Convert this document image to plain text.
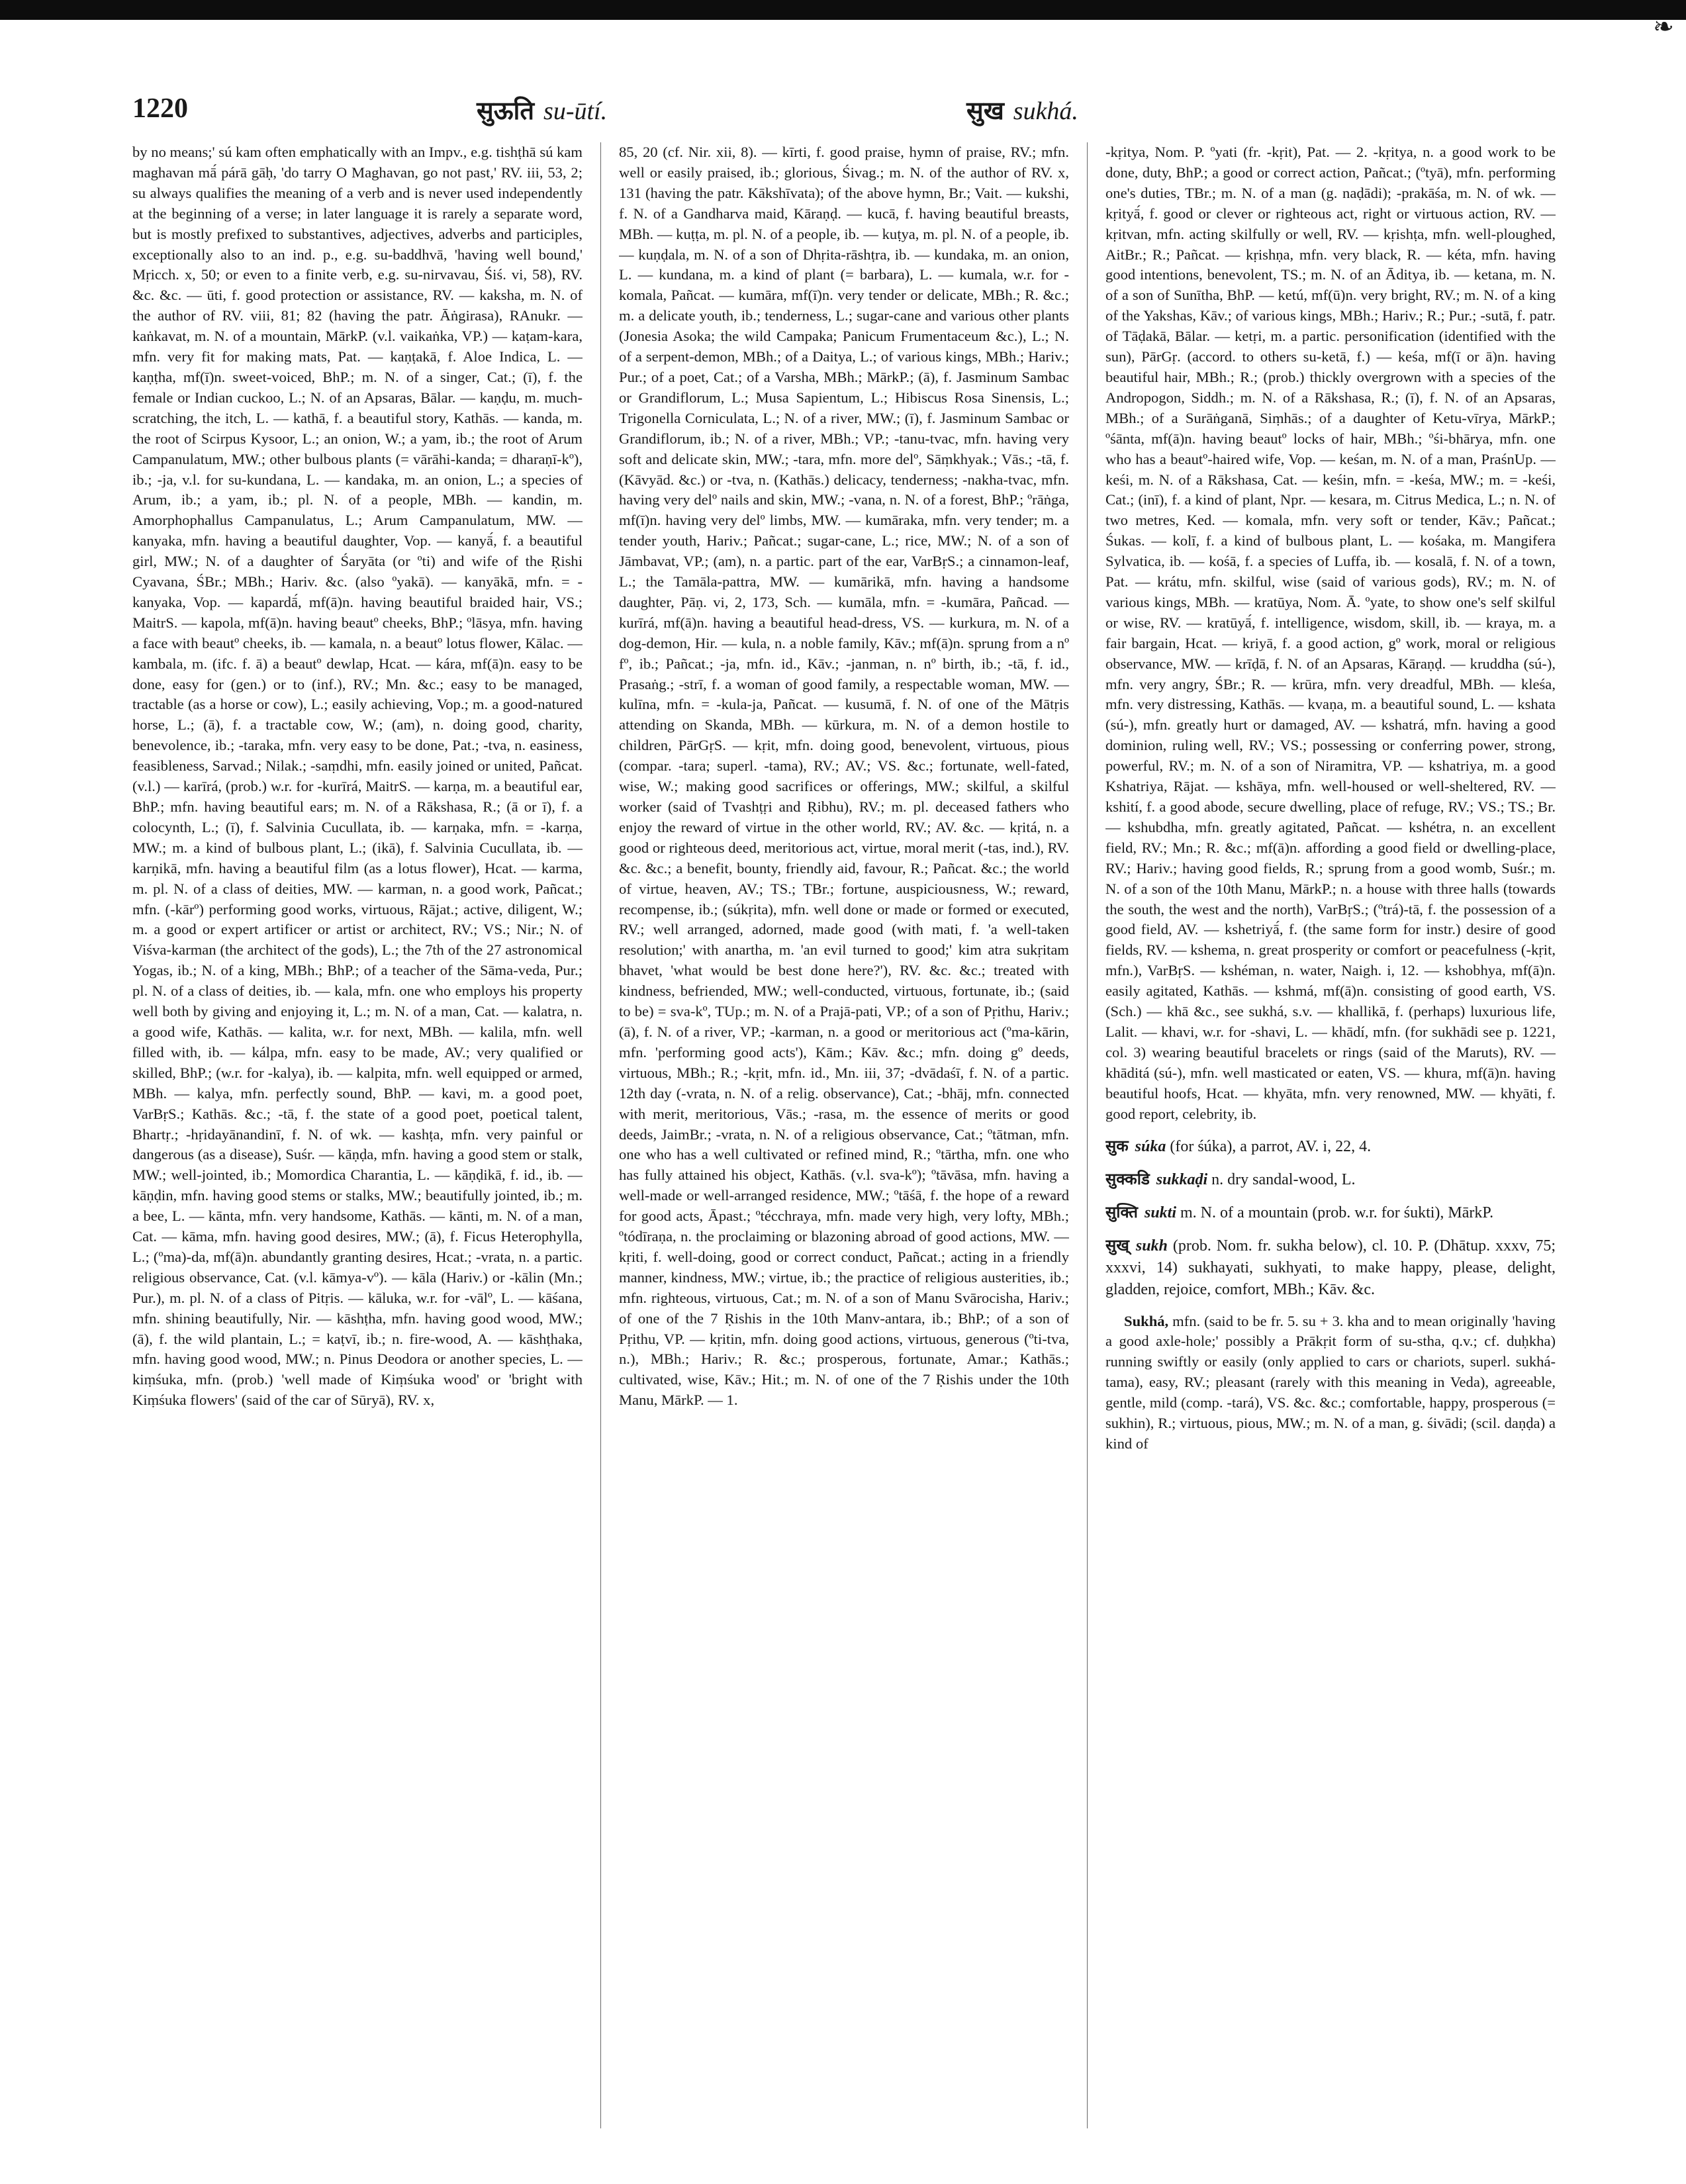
❧
1220	सुऊति su-ūtí.	सुख sukhá.

by no means;' sú kam often emphatically with an Impv., e.g. tishṭhā sú kam maghavan mā́ párā gāḥ, 'do tarry O Maghavan, go not past,' RV. iii, 53, 2; su always qualifies the meaning of a verb and is never used independently at the beginning of a verse; in later language it is rarely a separate word, but is mostly prefixed to substantives, adjectives, adverbs and participles, exceptionally also to an ind. p., e.g. su-baddhvā, 'having well bound,' Mṛicch. x, 50; or even to a finite verb, e.g. su-nirvavau, Śiś. vi, 58), RV. &c. &c. — ūti, f. good protection or assistance, RV. — kaksha, m. N. of the author of RV. viii, 81; 82 (having the patr. Āṅgirasa), RAnukr. — kaṅkavat, m. N. of a mountain, MārkP. (v.l. vaikaṅka, VP.) — kaṭam-kara, mfn. very fit for making mats, Pat. — kaṇṭakā, f. Aloe Indica, L. — kaṇṭha, mf(ī)n. sweet-voiced, BhP.; m. N. of a singer, Cat.; (ī), f. the female or Indian cuckoo, L.; N. of an Apsaras, Bālar. — kaṇḍu, m. much-scratching, the itch, L. — kathā, f. a beautiful story, Kathās. — kanda, m. the root of Scirpus Kysoor, L.; an onion, W.; a yam, ib.; the root of Arum Campanulatum, MW.; other bulbous plants (= vārāhi-kanda; = dharaṇī-kº), ib.; -ja, v.l. for su-kundana, L. — kandaka, m. an onion, L.; a species of Arum, ib.; a yam, ib.; pl. N. of a people, MBh. — kandin, m. Amorphophallus Campanulatus, L.; Arum Campanulatum, MW. — kanyaka, mfn. having a beautiful daughter, Vop. — kanyā́, f. a beautiful girl, MW.; N. of a daughter of Śaryāta (or ºti) and wife of the Ṛishi Cyavana, ŚBr.; MBh.; Hariv. &c. (also ºyakā). — kanyākā, mfn. = -kanyaka, Vop. — kapardā́, mf(ā)n. having beautiful braided hair, VS.; MaitrS. — kapola, mf(ā)n. having beautº cheeks, BhP.; ºlāsya, mfn. having a face with beautº cheeks, ib. — kamala, n. a beautº lotus flower, Kālac. — kambala, m. (ifc. f. ā) a beautº dewlap, Hcat. — kára, mf(ā)n. easy to be done, easy for (gen.) or to (inf.), RV.; Mn. &c.; easy to be managed, tractable (as a horse or cow), L.; easily achieving, Vop.; m. a good-natured horse, L.; (ā), f. a tractable cow, W.; (am), n. doing good, charity, benevolence, ib.; -taraka, mfn. very easy to be done, Pat.; -tva, n. easiness, feasibleness, Sarvad.; Nilak.; -saṃdhi, mfn. easily joined or united, Pañcat. (v.l.) — karīrá, (prob.) w.r. for -kurīrá, MaitrS. — karṇa, m. a beautiful ear, BhP.; mfn. having beautiful ears; m. N. of a Rākshasa, R.; (ā or ī), f. a colocynth, L.; (ī), f. Salvinia Cucullata, ib. — karṇaka, mfn. = -karṇa, MW.; m. a kind of bulbous plant, L.; (ikā), f. Salvinia Cucullata, ib. — karṇikā, mfn. having a beautiful film (as a lotus flower), Hcat. — karma, m. pl. N. of a class of deities, MW. — karman, n. a good work, Pañcat.; mfn. (-kārº) performing good works, virtuous, Rājat.; active, diligent, W.; m. a good or expert artificer or artist or architect, RV.; VS.; Nir.; N. of Viśva-karman (the architect of the gods), L.; the 7th of the 27 astronomical Yogas, ib.; N. of a king, MBh.; BhP.; of a teacher of the Sāma-veda, Pur.; pl. N. of a class of deities, ib. — kala, mfn. one who employs his property well both by giving and enjoying it, L.; m. N. of a man, Cat. — kalatra, n. a good wife, Kathās. — kalita, w.r. for next, MBh. — kalila, mfn. well filled with, ib. — kálpa, mfn. easy to be made, AV.; very qualified or skilled, BhP.; (w.r. for -kalya), ib. — kalpita, mfn. well equipped or armed, MBh. — kalya, mfn. perfectly sound, BhP. — kavi, m. a good poet, VarBṛS.; Kathās. &c.; -tā, f. the state of a good poet, poetical talent, Bhartṛ.; -hṛidayānandinī, f. N. of wk. — kashṭa, mfn. very painful or dangerous (as a disease), Suśr. — kāṇḍa, mfn. having a good stem or stalk, MW.; well-jointed, ib.; Momordica Charantia, L. — kāṇḍikā, f. id., ib. — kāṇḍin, mfn. having good stems or stalks, MW.; beautifully jointed, ib.; m. a bee, L. — kānta, mfn. very handsome, Kathās. — kānti, m. N. of a man, Cat. — kāma, mfn. having good desires, MW.; (ā), f. Ficus Heterophylla, L.; (ºma)-da, mf(ā)n. abundantly granting desires, Hcat.; -vrata, n. a partic. religious observance, Cat. (v.l. kāmya-vº). — kāla (Hariv.) or -kālin (Mn.; Pur.), m. pl. N. of a class of Pitṛis. — kāluka, w.r. for -vālº, L. — kāśana, mfn. shining beautifully, Nir. — kāshṭha, mfn. having good wood, MW.; (ā), f. the wild plantain, L.; = kaṭvī, ib.; n. fire-wood, A. — kāshṭhaka, mfn. having good wood, MW.; n. Pinus Deodora or another species, L. — kiṃśuka, mfn. (prob.) 'well made of Kiṃśuka wood' or 'bright with Kiṃśuka flowers' (said of the car of Sūryā), RV. x,

85, 20 (cf. Nir. xii, 8). — kīrti, f. good praise, hymn of praise, RV.; mfn. well or easily praised, ib.; glorious, Śivag.; m. N. of the author of RV. x, 131 (having the patr. Kākshīvata); of the above hymn, Br.; Vait. — kukshi, f. N. of a Gandharva maid, Kāraṇḍ. — kucā, f. having beautiful breasts, MBh. — kuṭṭa, m. pl. N. of a people, ib. — kuṭya, m. pl. N. of a people, ib. — kuṇḍala, m. N. of a son of Dhṛita-rāshṭra, ib. — kundaka, m. an onion, L. — kundana, m. a kind of plant (= barbara), L. — kumala, w.r. for -komala, Pañcat. — kumāra, mf(ī)n. very tender or delicate, MBh.; R. &c.; m. a delicate youth, ib.; tenderness, L.; sugar-cane and various other plants (Jonesia Asoka; the wild Campaka; Panicum Frumentaceum &c.), L.; N. of a serpent-demon, MBh.; of a Daitya, L.; of various kings, MBh.; Hariv.; Pur.; of a poet, Cat.; of a Varsha, MBh.; MārkP.; (ā), f. Jasminum Sambac or Grandiflorum, L.; Musa Sapientum, L.; Hibiscus Rosa Sinensis, L.; Trigonella Corniculata, L.; N. of a river, MW.; (ī), f. Jasminum Sambac or Grandiflorum, ib.; N. of a river, MBh.; VP.; -tanu-tvac, mfn. having very soft and delicate skin, MW.; -tara, mfn. more delº, Sāṃkhyak.; Vās.; -tā, f. (Kāvyād. &c.) or -tva, n. (Kathās.) delicacy, tenderness; -nakha-tvac, mfn. having very delº nails and skin, MW.; -vana, n. N. of a forest, BhP.; ºrāṅga, mf(ī)n. having very delº limbs, MW. — kumāraka, mfn. very tender; m. a tender youth, Hariv.; Pañcat.; sugar-cane, L.; rice, MW.; N. of a son of Jāmbavat, VP.; (am), n. a partic. part of the ear, VarBṛS.; a cinnamon-leaf, L.; the Tamāla-pattra, MW. — kumārikā, mfn. having a handsome daughter, Pāṇ. vi, 2, 173, Sch. — kumāla, mfn. = -kumāra, Pañcad. — kurīrá, mf(ā)n. having a beautiful head-dress, VS. — kurkura, m. N. of a dog-demon, Hir. — kula, n. a noble family, Kāv.; mf(ā)n. sprung from a nº fº, ib.; Pañcat.; -ja, mfn. id., Kāv.; -janman, n. nº birth, ib.; -tā, f. id., Prasaṅg.; -strī, f. a woman of good family, a respectable woman, MW. — kulīna, mfn. = -kula-ja, Pañcat. — kusumā, f. N. of one of the Mātṛis attending on Skanda, MBh. — kūrkura, m. N. of a demon hostile to children, PārGṛS. — kṛit, mfn. doing good, benevolent, virtuous, pious (compar. -tara; superl. -tama), RV.; AV.; VS. &c.; fortunate, well-fated, wise, W.; making good sacrifices or offerings, MW.; skilful, a skilful worker (said of Tvashṭṛi and Ṛibhu), RV.; m. pl. deceased fathers who enjoy the reward of virtue in the other world, RV.; AV. &c. — kṛitá, n. a good or righteous deed, meritorious act, virtue, moral merit (-tas, ind.), RV. &c. &c.; a benefit, bounty, friendly aid, favour, R.; Pañcat. &c.; the world of virtue, heaven, AV.; TS.; TBr.; fortune, auspiciousness, W.; reward, recompense, ib.; (súkṛita), mfn. well done or made or formed or executed, RV.; well arranged, adorned, made good (with mati, f. 'a well-taken resolution;' with anartha, m. 'an evil turned to good;' kim atra sukṛitam bhavet, 'what would be best done here?'), RV. &c. &c.; treated with kindness, befriended, MW.; well-conducted, virtuous, fortunate, ib.; (said to be) = sva-kº, TUp.; m. N. of a Prajā-pati, VP.; of a son of Pṛithu, Hariv.; (ā), f. N. of a river, VP.; -karman, n. a good or meritorious act (ºma-kārin, mfn. 'performing good acts'), Kām.; Kāv. &c.; mfn. doing gº deeds, virtuous, MBh.; R.; -kṛit, mfn. id., Mn. iii, 37; -dvādaśī, f. N. of a partic. 12th day (-vrata, n. N. of a relig. observance), Cat.; -bhāj, mfn. connected with merit, meritorious, Vās.; -rasa, m. the essence of merits or good deeds, JaimBr.; -vrata, n. N. of a religious observance, Cat.; ºtātman, mfn. one who has a well cultivated or refined mind, R.; ºtārtha, mfn. one who has fully attained his object, Kathās. (v.l. sva-kº); ºtāvāsa, mfn. having a well-made or well-arranged residence, MW.; ºtāśā, f. the hope of a reward for good acts, Āpast.; ºtécchraya, mfn. made very high, very lofty, MBh.; ºtódīraṇa, n. the proclaiming or blazoning abroad of good actions, MW. — kṛiti, f. well-doing, good or correct conduct, Pañcat.; acting in a friendly manner, kindness, MW.; virtue, ib.; the practice of religious austerities, ib.; mfn. righteous, virtuous, Cat.; m. N. of a son of Manu Svārocisha, Hariv.; of one of the 7 Ṛishis in the 10th Manv-antara, ib.; BhP.; of a son of Pṛithu, VP. — kṛitin, mfn. doing good actions, virtuous, generous (ºti-tva, n.), MBh.; Hariv.; R. &c.; prosperous, fortunate, Amar.; Kathās.; cultivated, wise, Kāv.; Hit.; m. N. of one of the 7 Ṛishis under the 10th Manu, MārkP. — 1.

-kṛitya, Nom. P. ºyati (fr. -kṛit), Pat. — 2. -kṛitya, n. a good work to be done, duty, BhP.; a good or correct action, Pañcat.; (ºtyā), mfn. performing one's duties, TBr.; m. N. of a man (g. naḍādi); -prakāśa, m. N. of wk. — kṛityā́, f. good or clever or righteous act, right or virtuous action, RV. — kṛitvan, mfn. acting skilfully or well, RV. — kṛishṭa, mfn. well-ploughed, AitBr.; R.; Pañcat. — kṛishṇa, mfn. very black, R. — kéta, mfn. having good intentions, benevolent, TS.; m. N. of an Āditya, ib. — ketana, m. N. of a son of Sunītha, BhP. — ketú, mf(ū)n. very bright, RV.; m. N. of a king of the Yakshas, Kāv.; of various kings, MBh.; Hariv.; R.; Pur.; -sutā, f. patr. of Tāḍakā, Bālar. — ketṛi, m. a partic. personification (identified with the sun), PārGṛ. (accord. to others su-ketā, f.) — keśa, mf(ī or ā)n. having beautiful hair, MBh.; R.; (prob.) thickly overgrown with a species of the Andropogon, Siddh.; m. N. of a Rākshasa, R.; (ī), f. N. of an Apsaras, MBh.; of a Surāṅganā, Siṃhās.; of a daughter of Ketu-vīrya, MārkP.; ºśānta, mf(ā)n. having beautº locks of hair, MBh.; ºśi-bhārya, mfn. one who has a beautº-haired wife, Vop. — keśan, m. N. of a man, PraśnUp. — keśi, m. N. of a Rākshasa, Cat. — keśin, mfn. = -keśa, MW.; m. = -keśi, Cat.; (inī), f. a kind of plant, Npr. — kesara, m. Citrus Medica, L.; n. N. of two metres, Ked. — komala, mfn. very soft or tender, Kāv.; Pañcat.; Śukas. — kolī, f. a kind of bulbous plant, L. — kośaka, m. Mangifera Sylvatica, ib. — kośā, f. a species of Luffa, ib. — kosalā, f. N. of a town, Pat. — krátu, mfn. skilful, wise (said of various gods), RV.; m. N. of various kings, MBh. — kratūya, Nom. Ā. ºyate, to show one's self skilful or wise, RV. — kratūyā́, f. intelligence, wisdom, skill, ib. — kraya, m. a fair bargain, Hcat. — kriyā, f. a good action, gº work, moral or religious observance, MW. — krīḍā, f. N. of an Apsaras, Kāraṇḍ. — kruddha (sú-), mfn. very angry, ŚBr.; R. — krūra, mfn. very dreadful, MBh. — kleśa, mfn. very distressing, Kathās. — kvaṇa, m. a beautiful sound, L. — kshata (sú-), mfn. greatly hurt or damaged, AV. — kshatrá, mfn. having a good dominion, ruling well, RV.; VS.; possessing or conferring power, strong, powerful, RV.; m. N. of a son of Niramitra, VP. — kshatriya, m. a good Kshatriya, Rājat. — kshāya, mfn. well-housed or well-sheltered, RV. — kshití, f. a good abode, secure dwelling, place of refuge, RV.; VS.; TS.; Br. — kshubdha, mfn. greatly agitated, Pañcat. — kshétra, n. an excellent field, RV.; Mn.; R. &c.; mf(ā)n. affording a good field or dwelling-place, RV.; Hariv.; having good fields, R.; sprung from a good womb, Suśr.; m. N. of a son of the 10th Manu, MārkP.; n. a house with three halls (towards the south, the west and the north), VarBṛS.; (ºtrá)-tā, f. the possession of a good field, AV. — kshetriyā́, f. (the same form for instr.) desire of good fields, RV. — kshema, n. great prosperity or comfort or peacefulness (-kṛit, mfn.), VarBṛS. — kshéman, n. water, Naigh. i, 12. — kshobhya, mf(ā)n. easily agitated, Kathās. — kshmá, mf(ā)n. consisting of good earth, VS. (Sch.) — khā &c., see sukhá, s.v. — khallikā, f. (perhaps) luxurious life, Lalit. — khavi, w.r. for -shavi, L. — khādí, mfn. (for sukhādi see p. 1221, col. 3) wearing beautiful bracelets or rings (said of the Maruts), RV. — khāditá (sú-), mfn. well masticated or eaten, VS. — khura, mf(ā)n. having beautiful hoofs, Hcat. — khyāta, mfn. very renowned, MW. — khyāti, f. good report, celebrity, ib.

सुक súka (for śúka), a parrot, AV. i, 22, 4.

सुक्कडि sukkaḍi n. dry sandal-wood, L.

सुक्ति sukti m. N. of a mountain (prob. w.r. for śukti), MārkP.

सुख् sukh (prob. Nom. fr. sukha below), cl. 10. P. (Dhātup. xxxv, 75; xxxvi, 14) sukhayati, sukhyati, to make happy, please, delight, gladden, rejoice, comfort, MBh.; Kāv. &c.

Sukhá, mfn. (said to be fr. 5. su + 3. kha and to mean originally 'having a good axle-hole;' possibly a Prākṛit form of su-stha, q.v.; cf. duḥkha) running swiftly or easily (only applied to cars or chariots, superl. sukhá-tama), easy, RV.; pleasant (rarely with this meaning in Veda), agreeable, gentle, mild (comp. -tará), VS. &c. &c.; comfortable, happy, prosperous (= sukhin), R.; virtuous, pious, MW.; m. N. of a man, g. śivādi; (scil. daṇḍa) a kind of
